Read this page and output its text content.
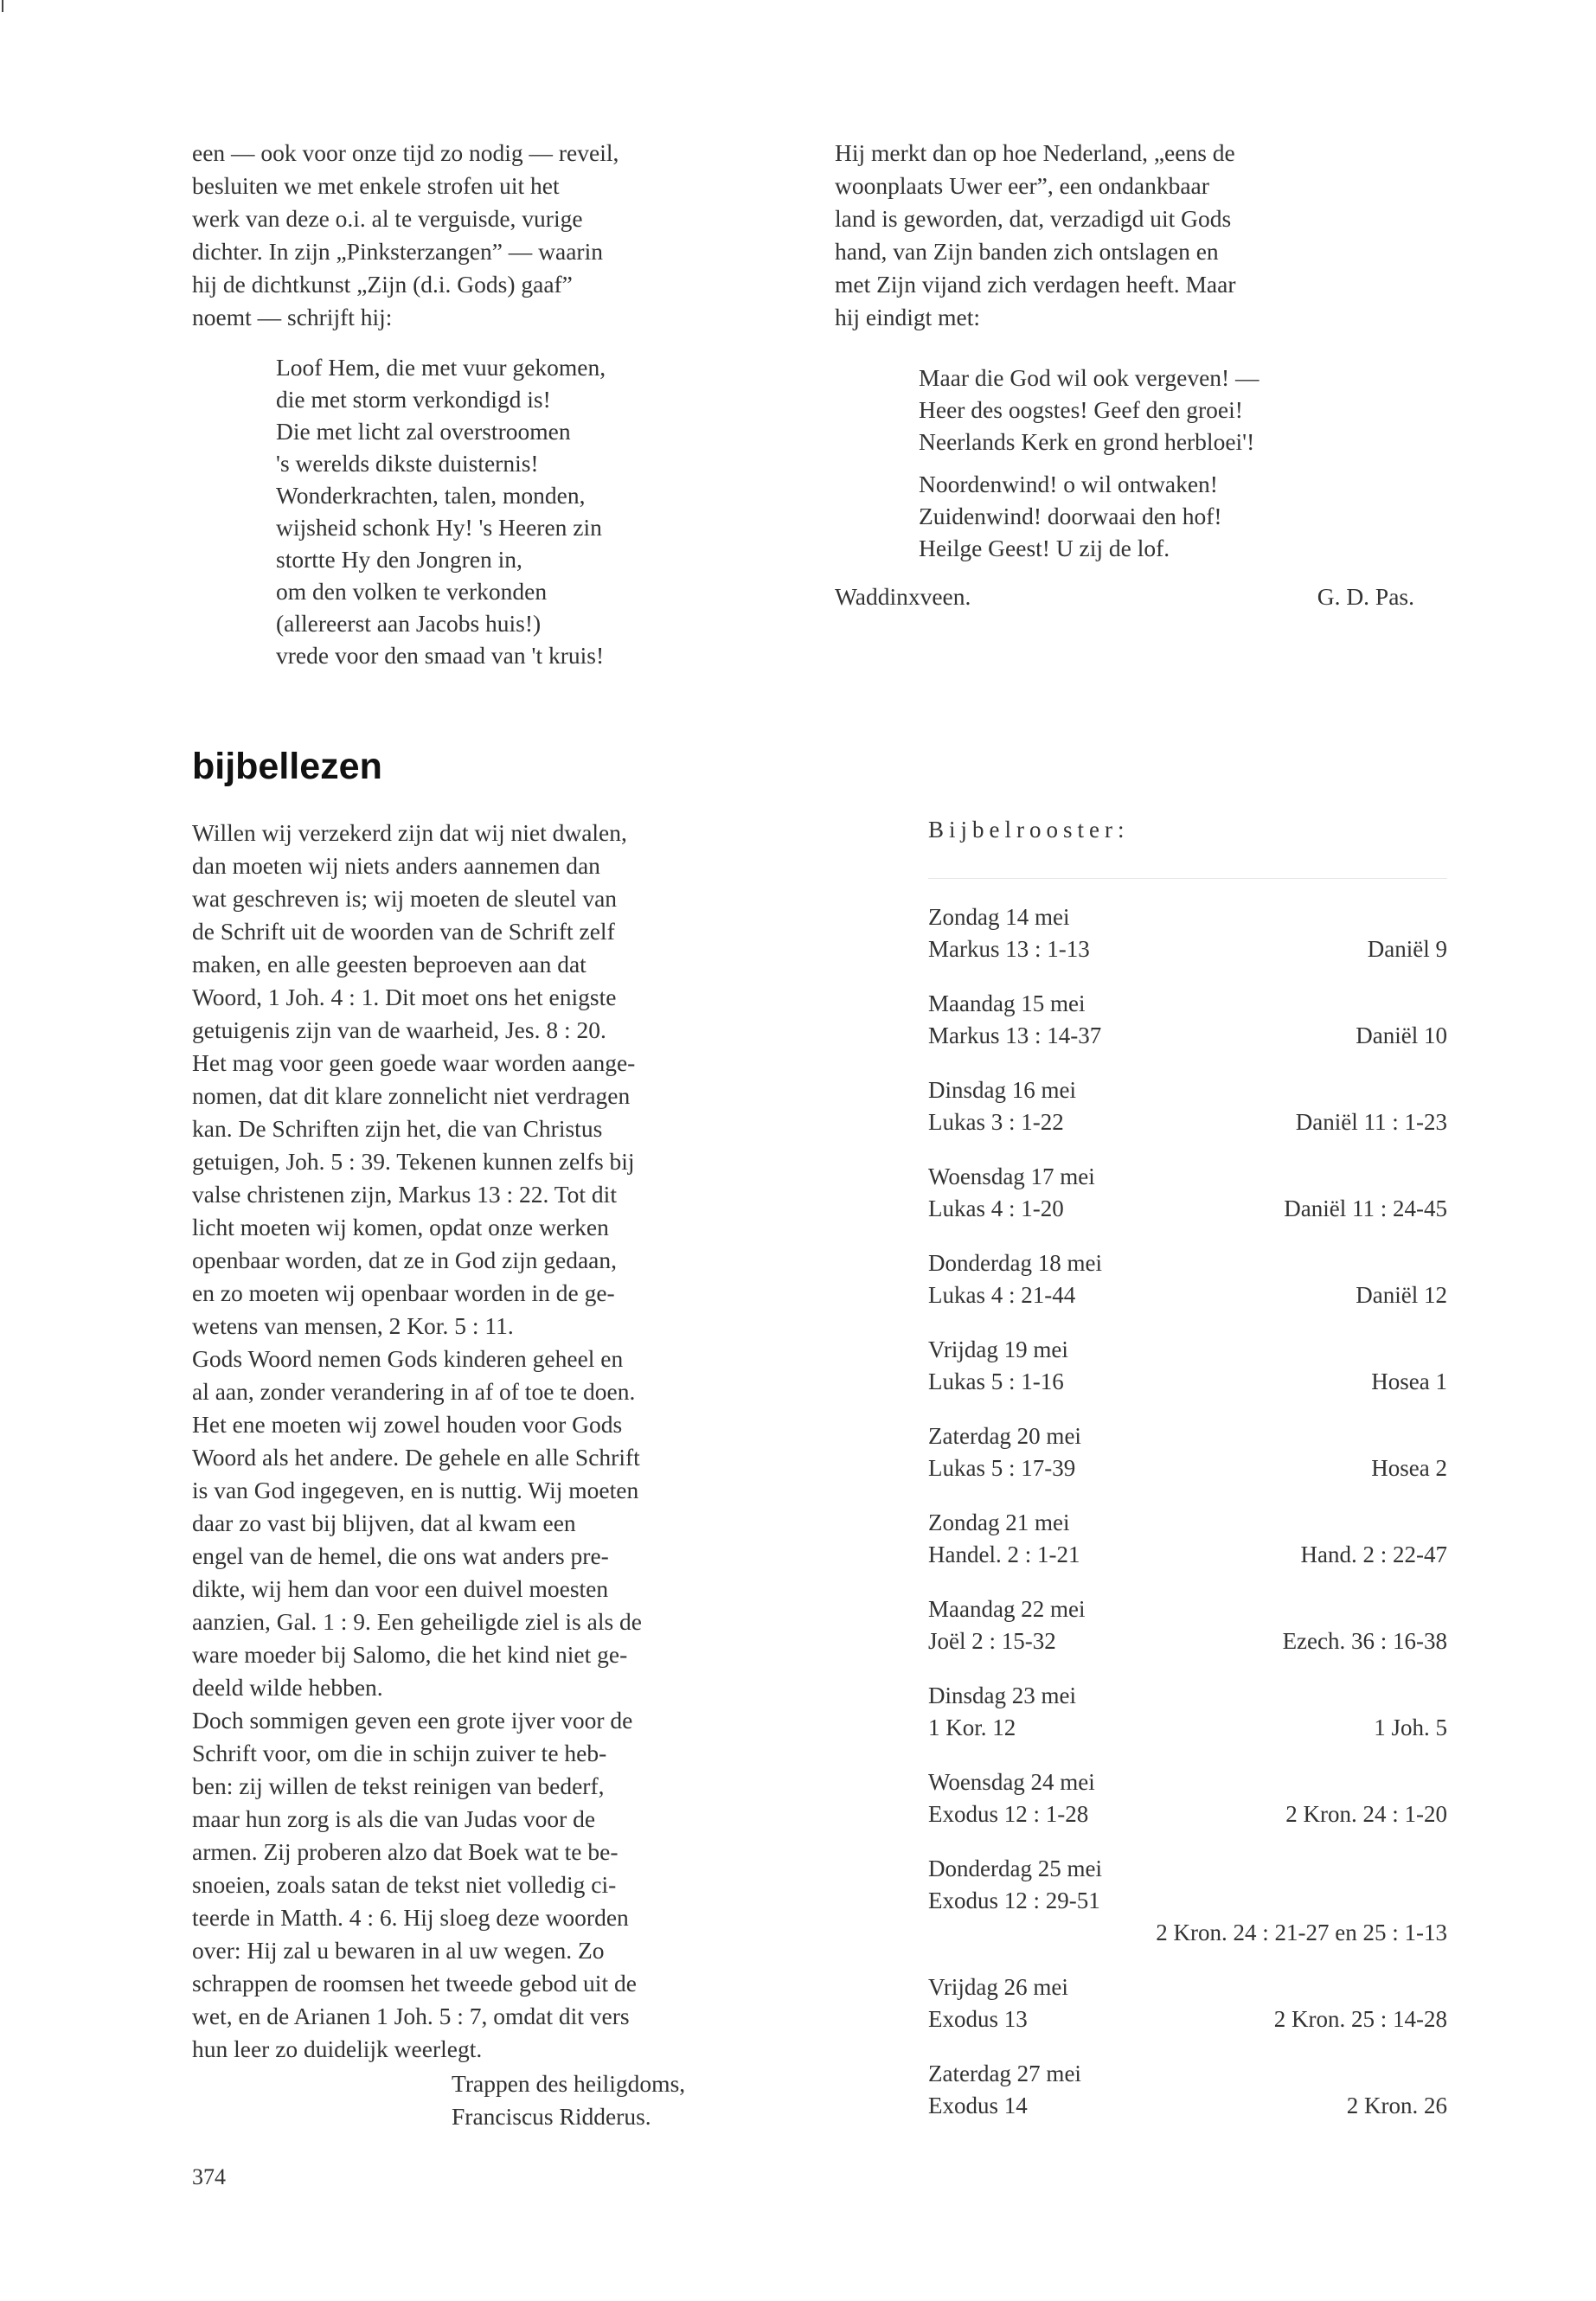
een — ook voor onze tijd zo nodig — reveil,
besluiten we met enkele strofen uit het
werk van deze o.i. al te verguisde, vurige
dichter. In zijn „Pinksterzangen” — waarin
hij de dichtkunst „Zijn (d.i. Gods) gaaf”
noemt — schrijft hij:
Loof Hem, die met vuur gekomen,
die met storm verkondigd is!
Die met licht zal overstroomen
's werelds dikste duisternis!
Wonderkrachten, talen, monden,
wijsheid schonk Hy! 's Heeren zin
stortte Hy den Jongren in,
om den volken te verkonden
(allereerst aan Jacobs huis!)
vrede voor den smaad van 't kruis!
Hij merkt dan op hoe Nederland, „eens de
woonplaats Uwer eer”, een ondankbaar
land is geworden, dat, verzadigd uit Gods
hand, van Zijn banden zich ontslagen en
met Zijn vijand zich verdagen heeft. Maar
hij eindigt met:
Maar die God wil ook vergeven! —
Heer des oogstes! Geef den groei!
Neerlands Kerk en grond herbloei'!
Noordenwind! o wil ontwaken!
Zuidenwind! doorwaai den hof!
Heilge Geest! U zij de lof.
Waddinxveen.	G. D. Pas.
bijbellezen
Willen wij verzekerd zijn dat wij niet dwalen,
dan moeten wij niets anders aannemen dan
wat geschreven is; wij moeten de sleutel van
de Schrift uit de woorden van de Schrift zelf
maken, en alle geesten beproeven aan dat
Woord, 1 Joh. 4 : 1. Dit moet ons het enigste
getuigenis zijn van de waarheid, Jes. 8 : 20.
Het mag voor geen goede waar worden aange-
nomen, dat dit klare zonnelicht niet verdragen
kan. De Schriften zijn het, die van Christus
getuigen, Joh. 5 : 39. Tekenen kunnen zelfs bij
valse christenen zijn, Markus 13 : 22. Tot dit
licht moeten wij komen, opdat onze werken
openbaar worden, dat ze in God zijn gedaan,
en zo moeten wij openbaar worden in de ge-
wetens van mensen, 2 Kor. 5 : 11.
Gods Woord nemen Gods kinderen geheel en
al aan, zonder verandering in af of toe te doen.
Het ene moeten wij zowel houden voor Gods
Woord als het andere. De gehele en alle Schrift
is van God ingegeven, en is nuttig. Wij moeten
daar zo vast bij blijven, dat al kwam een
engel van de hemel, die ons wat anders pre-
dikte, wij hem dan voor een duivel moesten
aanzien, Gal. 1 : 9. Een geheiligde ziel is als de
ware moeder bij Salomo, die het kind niet ge-
deeld wilde hebben.
Doch sommigen geven een grote ijver voor de
Schrift voor, om die in schijn zuiver te heb-
ben: zij willen de tekst reinigen van bederf,
maar hun zorg is als die van Judas voor de
armen. Zij proberen alzo dat Boek wat te be-
snoeien, zoals satan de tekst niet volledig ci-
teerde in Matth. 4 : 6. Hij sloeg deze woorden
over: Hij zal u bewaren in al uw wegen. Zo
schrappen de roomsen het tweede gebod uit de
wet, en de Arianen 1 Joh. 5 : 7, omdat dit vers
hun leer zo duidelijk weerlegt.
Trappen des heiligdoms,
Franciscus Ridderus.

Bijbelrooster:

Zondag 14 mei
Markus 13 : 1-13	Daniël 9
Maandag 15 mei
Markus 13 : 14-37	Daniël 10
Dinsdag 16 mei
Lukas 3 : 1-22	Daniël 11 : 1-23
Woensdag 17 mei
Lukas 4 : 1-20	Daniël 11 : 24-45
Donderdag 18 mei
Lukas 4 : 21-44	Daniël 12
Vrijdag 19 mei
Lukas 5 : 1-16	Hosea 1
Zaterdag 20 mei
Lukas 5 : 17-39	Hosea 2
Zondag 21 mei
Handel. 2 : 1-21	Hand. 2 : 22-47
Maandag 22 mei
Joël 2 : 15-32	Ezech. 36 : 16-38
Dinsdag 23 mei
1 Kor. 12	1 Joh. 5
Woensdag 24 mei
Exodus 12 : 1-28	2 Kron. 24 : 1-20
Donderdag 25 mei
Exodus 12 : 29-51
2 Kron. 24 : 21-27 en 25 : 1-13
Vrijdag 26 mei
Exodus 13	2 Kron. 25 : 14-28
Zaterdag 27 mei
Exodus 14	2 Kron. 26
374
